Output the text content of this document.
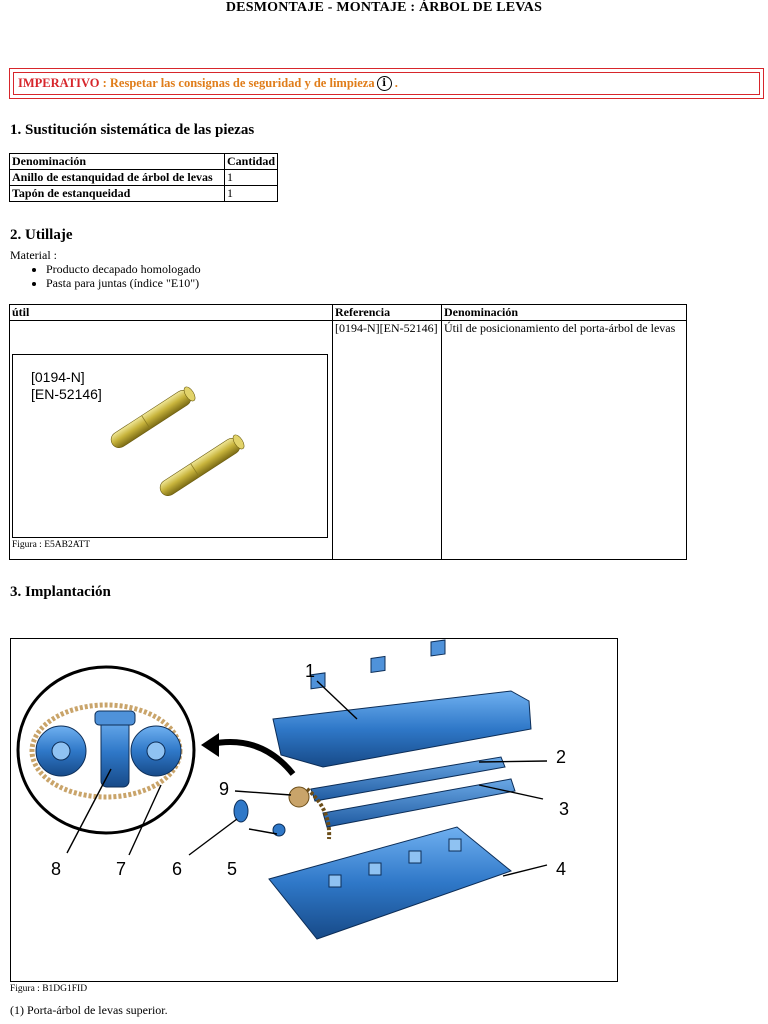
DESMONTAJE - MONTAJE : ÁRBOL DE LEVAS
IMPERATIVO : Respetar las consignas de seguridad y de limpieza i .
1. Sustitución sistemática de las piezas
Denominación	Cantidad
Anillo de estanquidad de árbol de levas	1
Tapón de estanqueidad	1
2. Utillaje
Material :
• Producto decapado homologado
• Pasta para juntas (índice "E10")
útil	Referencia	Denominación
	[0194-N][EN-52146]	Útil de posicionamiento del porta-árbol de levas
[0194-N]
[EN-52146]
Figura : E5AB2ATT
3. Implantación
1
2
3
4
5
6
7
8
9
Figura : B1DG1FID
(1) Porta-árbol de levas superior.
